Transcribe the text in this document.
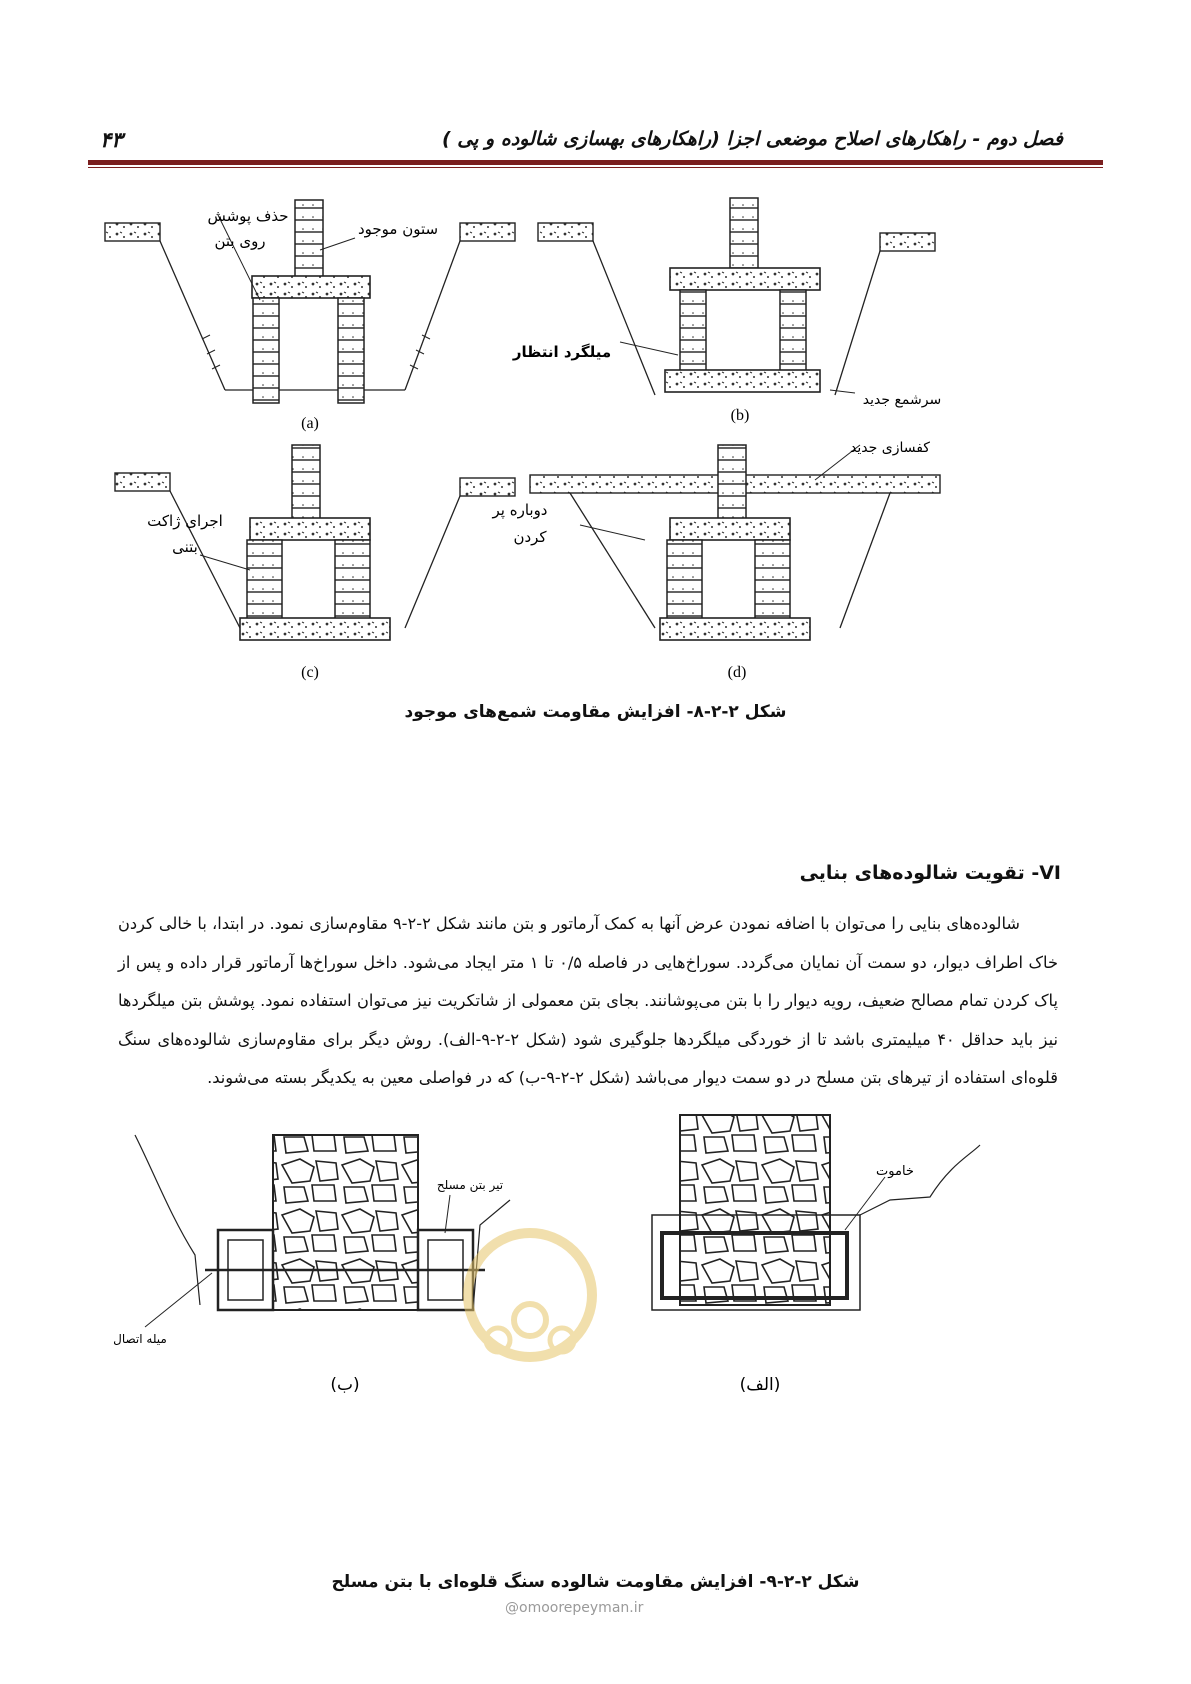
فصل دوم - راهکارهای اصلاح موضعی اجزا (راهکارهای بهسازی شالوده و پی )
۴۳
حذف پوشش
روی بتن
ستون موجود
(a)
میلگرد انتظار
سرشمع جدید
(b)
اجرای ژاکت
بتنی
(c)
کفسازی جدید
دوباره پر
کردن
(d)
شکل ۲-۲-۸- افزایش مقاومت شمع‌های موجود
VI- تقویت شالوده‌های بنایی

شالوده‌های بنایی را می‌توان با اضافه نمودن عرض آنها به کمک آرماتور و بتن مانند شکل ۲-۲-۹ مقاوم‌سازی نمود. در ابتدا، با خالی کردن خاک اطراف دیوار، دو سمت آن نمایان می‌گردد. سوراخ‌هایی در فاصله ۰/۵ تا ۱ متر ایجاد می‌شود. داخل سوراخ‌ها آرماتور قرار داده و پس از پاک کردن تمام مصالح ضعیف، رویه دیوار را با بتن می‌پوشانند. بجای بتن معمولی از شاتکریت نیز می‌توان استفاده نمود. پوشش بتن میلگردها نیز باید حداقل ۴۰ میلیمتری باشد تا از خوردگی میلگردها جلوگیری شود (شکل ۲-۲-۹-الف). روش دیگر برای مقاوم‌سازی شالوده‌های سنگ قلوه‌ای استفاده از تیرهای بتن مسلح در دو سمت دیوار می‌باشد (شکل ۲-۲-۹-ب) که در فواصلی معین به یکدیگر بسته می‌شوند.

تیر بتن مسلح
میله اتصال
(ب)
خاموت
(الف)
شکل ۲-۲-۹- افزایش مقاومت شالوده سنگ قلوه‌ای با بتن مسلح
@omoorepeyman.ir
